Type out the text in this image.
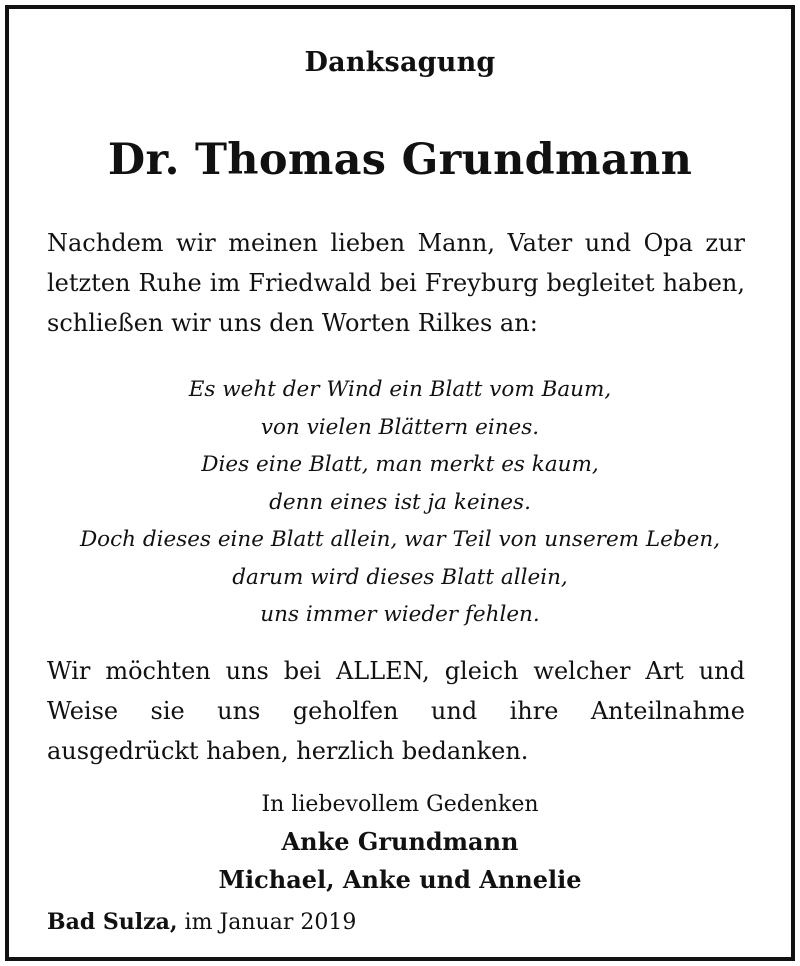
Danksagung
Dr. Thomas Grundmann
Nachdem wir meinen lieben Mann, Vater und Opa zur
letzten Ruhe im Friedwald bei Freyburg begleitet haben,
schließen wir uns den Worten Rilkes an:
Es weht der Wind ein Blatt vom Baum,
von vielen Blättern eines.
Dies eine Blatt, man merkt es kaum,
denn eines ist ja keines.
Doch dieses eine Blatt allein, war Teil von unserem Leben,
darum wird dieses Blatt allein,
uns immer wieder fehlen.
Wir möchten uns bei ALLEN, gleich welcher Art und
Weise sie uns geholfen und ihre Anteilnahme
ausgedrückt haben, herzlich bedanken.
In liebevollem Gedenken
Anke Grundmann
Michael, Anke und Annelie
Bad Sulza, im Januar 2019
